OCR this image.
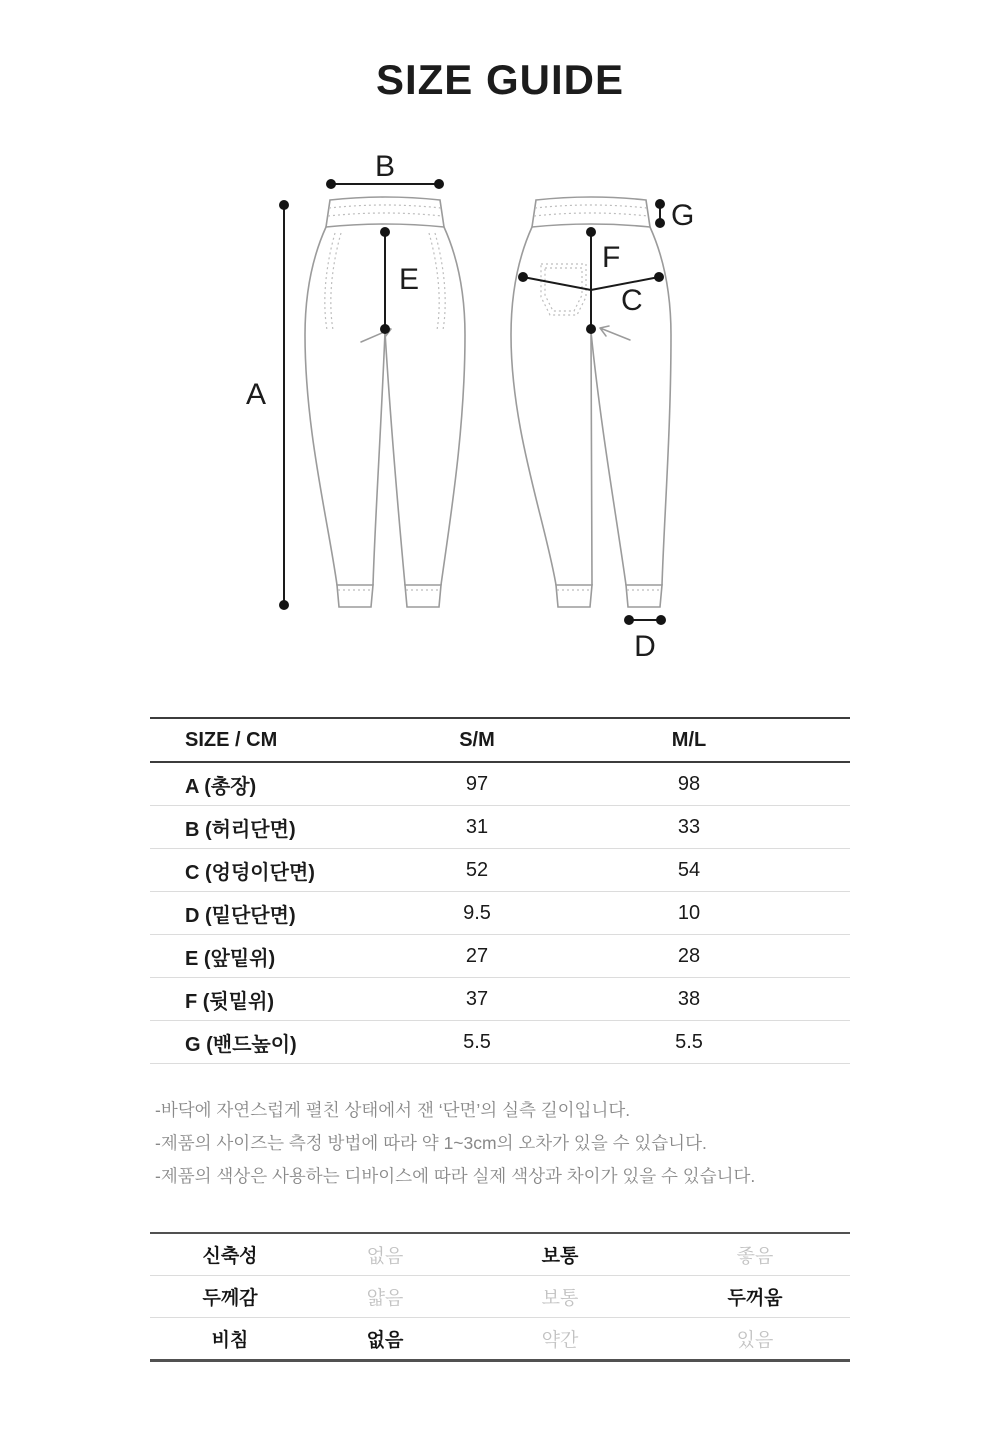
SIZE GUIDE
B
A
E
F
C
G
D
SIZE / CM	S/M	M/L	
A (총장)	97	98	
B (허리단면)	31	33	
C (엉덩이단면)	52	54	
D (밑단단면)	9.5	10	
E (앞밑위)	27	28	
F (뒷밑위)	37	38	
G (밴드높이)	5.5	5.5	

-바닥에 자연스럽게 펼친 상태에서 잰 ‘단면’의 실측 길이입니다.

-제품의 사이즈는 측정 방법에 따라 약 1~3cm의 오차가 있을 수 있습니다.

-제품의 색상은 사용하는 디바이스에 따라 실제 색상과 차이가 있을 수 있습니다.

신축성	없음	보통	좋음
두께감	얇음	보통	두꺼움
비침	없음	약간	있음
